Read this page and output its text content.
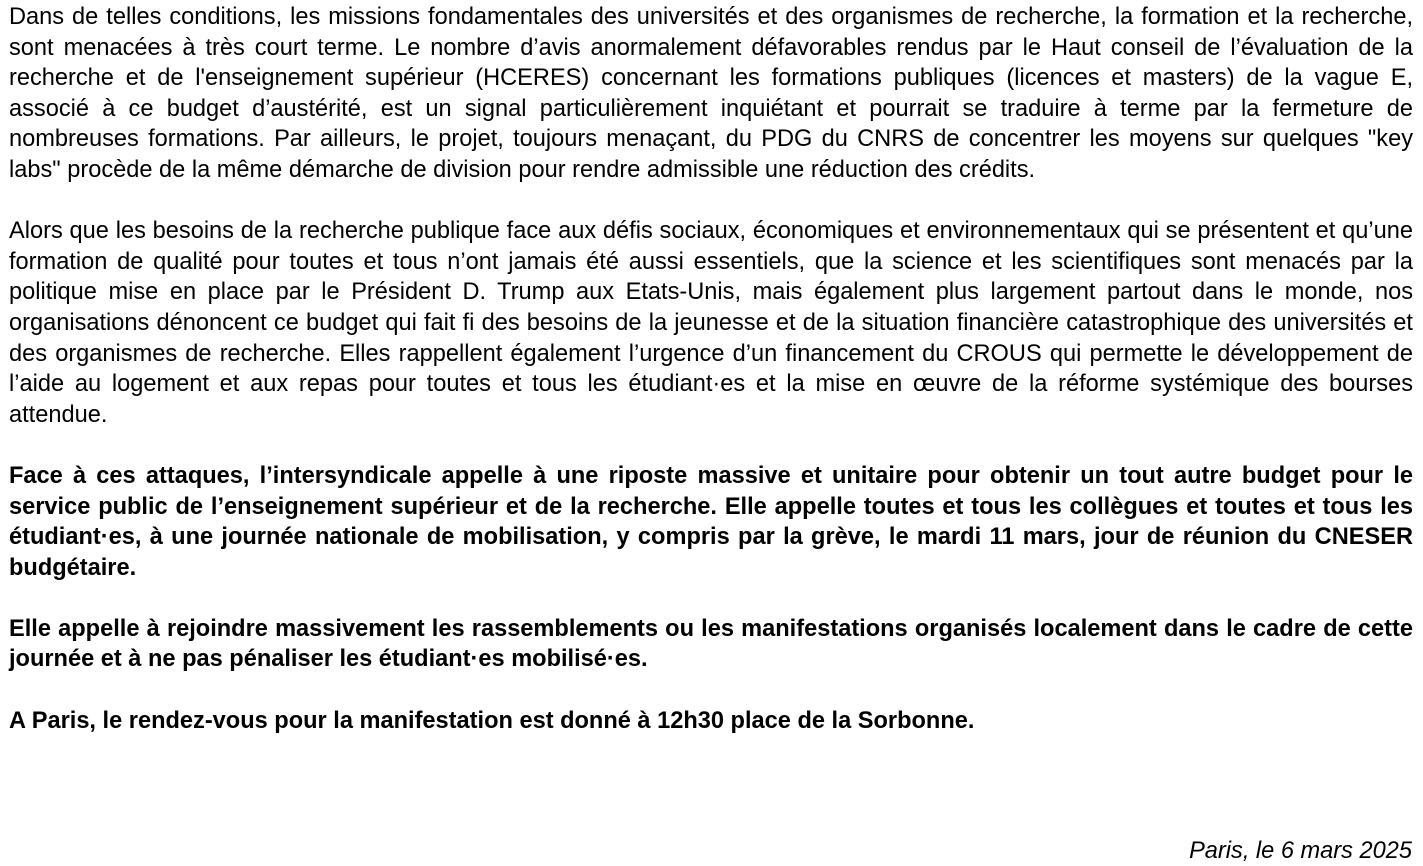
Dans de telles conditions, les missions fondamentales des universités et des organismes de recherche, la formation et la recherche, sont menacées à très court terme. Le nombre d’avis anormalement défavorables rendus par le Haut conseil de l’évaluation de la recherche et de l'enseignement supérieur (HCERES) concernant les formations publiques (licences et masters) de la vague E, associé à ce budget d’austérité, est un signal particulièrement inquiétant et pourrait se traduire à terme par la fermeture de nombreuses formations. Par ailleurs, le projet, toujours menaçant, du PDG du CNRS de concentrer les moyens sur quelques "key labs" procède de la même démarche de division pour rendre admissible une réduction des crédits.

Alors que les besoins de la recherche publique face aux défis sociaux, économiques et environnementaux qui se présentent et qu’une formation de qualité pour toutes et tous n’ont jamais été aussi essentiels, que la science et les scientifiques sont menacés par la politique mise en place par le Président D. Trump aux Etats-Unis, mais également plus largement partout dans le monde, nos organisations dénoncent ce budget qui fait fi des besoins de la jeunesse et de la situation financière catastrophique des universités et des organismes de recherche. Elles rappellent également l’urgence d’un financement du CROUS qui permette le développement de l’aide au logement et aux repas pour toutes et tous les étudiant·es et la mise en œuvre de la réforme systémique des bourses attendue.

Face à ces attaques, l’intersyndicale appelle à une riposte massive et unitaire pour obtenir un tout autre budget pour le service public de l’enseignement supérieur et de la recherche. Elle appelle toutes et tous les collègues et toutes et tous les étudiant·es, à une journée nationale de mobilisation, y compris par la grève, le mardi 11 mars, jour de réunion du CNESER budgétaire.

Elle appelle à rejoindre massivement les rassemblements ou les manifestations organisés localement dans le cadre de cette journée et à ne pas pénaliser les étudiant·es mobilisé·es.

A Paris, le rendez-vous pour la manifestation est donné à 12h30 place de la Sorbonne.

Paris, le 6 mars 2025
